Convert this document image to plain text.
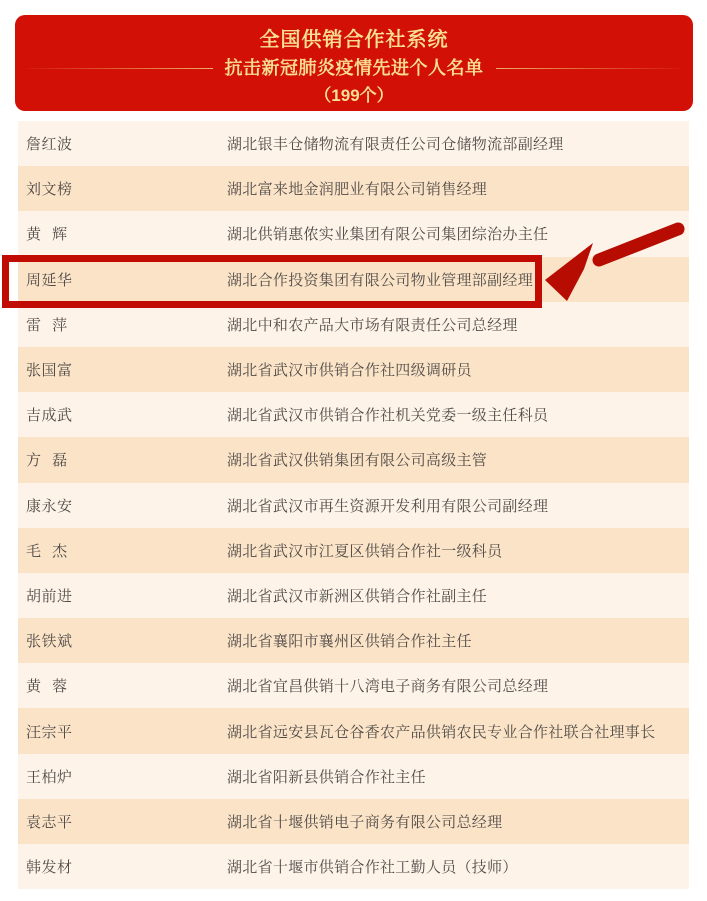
全国供销合作社系统
抗击新冠肺炎疫情先进个人名单
（199个）
詹红波	湖北银丰仓储物流有限责任公司仓储物流部副经理
刘文榜	湖北富来地金润肥业有限公司销售经理
黄 辉	湖北供销惠侬实业集团有限公司集团综治办主任
周延华	湖北合作投资集团有限公司物业管理部副经理
雷 萍	湖北中和农产品大市场有限责任公司总经理
张国富	湖北省武汉市供销合作社四级调研员
吉成武	湖北省武汉市供销合作社机关党委一级主任科员
方 磊	湖北省武汉供销集团有限公司高级主管
康永安	湖北省武汉市再生资源开发利用有限公司副经理
毛 杰	湖北省武汉市江夏区供销合作社一级科员
胡前进	湖北省武汉市新洲区供销合作社副主任
张铁斌	湖北省襄阳市襄州区供销合作社主任
黄 蓉	湖北省宜昌供销十八湾电子商务有限公司总经理
汪宗平	湖北省远安县瓦仓谷香农产品供销农民专业合作社联合社理事长
王柏炉	湖北省阳新县供销合作社主任
袁志平	湖北省十堰供销电子商务有限公司总经理
韩发材	湖北省十堰市供销合作社工勤人员（技师）
